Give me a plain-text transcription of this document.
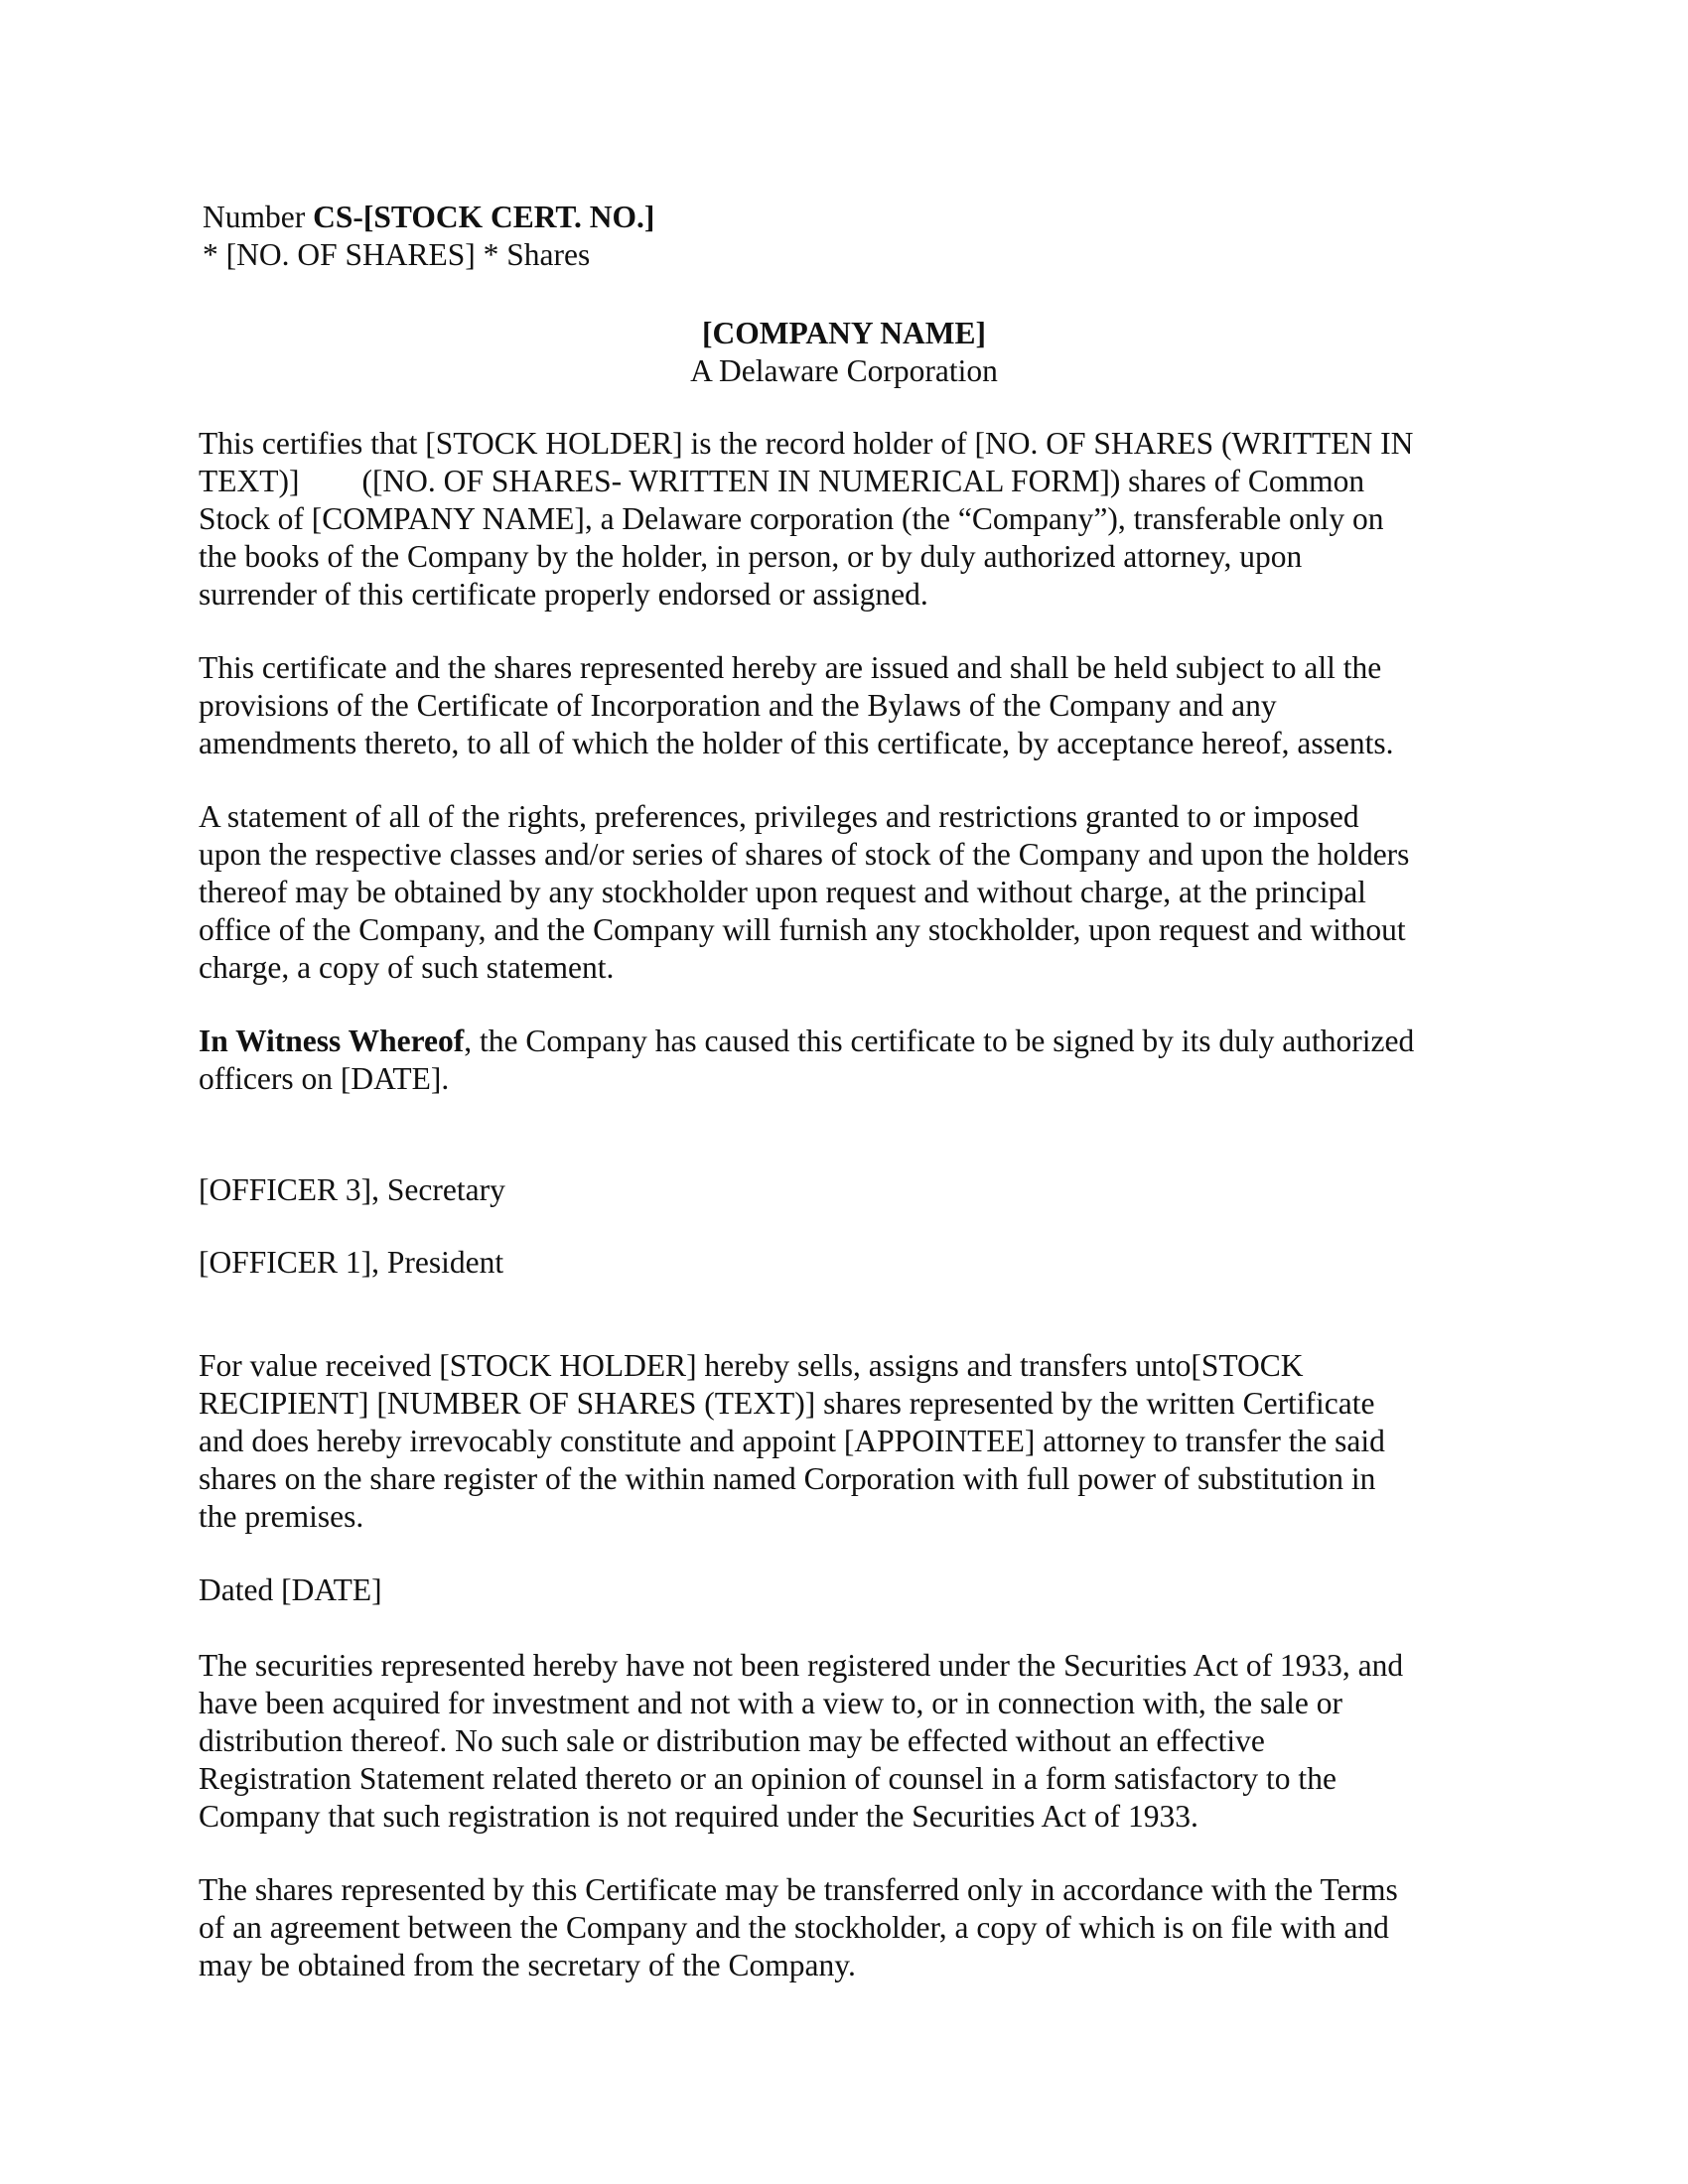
Number CS-[STOCK CERT. NO.]
* [NO. OF SHARES] * Shares
[COMPANY NAME]
A Delaware Corporation
This certifies that [STOCK HOLDER] is the record holder of [NO. OF SHARES (WRITTEN IN
TEXT)]        ([NO. OF SHARES- WRITTEN IN NUMERICAL FORM]) shares of Common
Stock of [COMPANY NAME], a Delaware corporation (the “Company”), transferable only on
the books of the Company by the holder, in person, or by duly authorized attorney, upon
surrender of this certificate properly endorsed or assigned.
This certificate and the shares represented hereby are issued and shall be held subject to all the
provisions of the Certificate of Incorporation and the Bylaws of the Company and any
amendments thereto, to all of which the holder of this certificate, by acceptance hereof, assents.
A statement of all of the rights, preferences, privileges and restrictions granted to or imposed
upon the respective classes and/or series of shares of stock of the Company and upon the holders
thereof may be obtained by any stockholder upon request and without charge, at the principal
office of the Company, and the Company will furnish any stockholder, upon request and without
charge, a copy of such statement.
In Witness Whereof, the Company has caused this certificate to be signed by its duly authorized
officers on [DATE].
[OFFICER 3], Secretary
[OFFICER 1], President
For value received [STOCK HOLDER] hereby sells, assigns and transfers unto[STOCK
RECIPIENT] [NUMBER OF SHARES (TEXT)] shares represented by the written Certificate
and does hereby irrevocably constitute and appoint [APPOINTEE] attorney to transfer the said
shares on the share register of the within named Corporation with full power of substitution in
the premises.
Dated [DATE]
The securities represented hereby have not been registered under the Securities Act of 1933, and
have been acquired for investment and not with a view to, or in connection with, the sale or
distribution thereof. No such sale or distribution may be effected without an effective
Registration Statement related thereto or an opinion of counsel in a form satisfactory to the
Company that such registration is not required under the Securities Act of 1933.
The shares represented by this Certificate may be transferred only in accordance with the Terms
of an agreement between the Company and the stockholder, a copy of which is on file with and
may be obtained from the secretary of the Company.
